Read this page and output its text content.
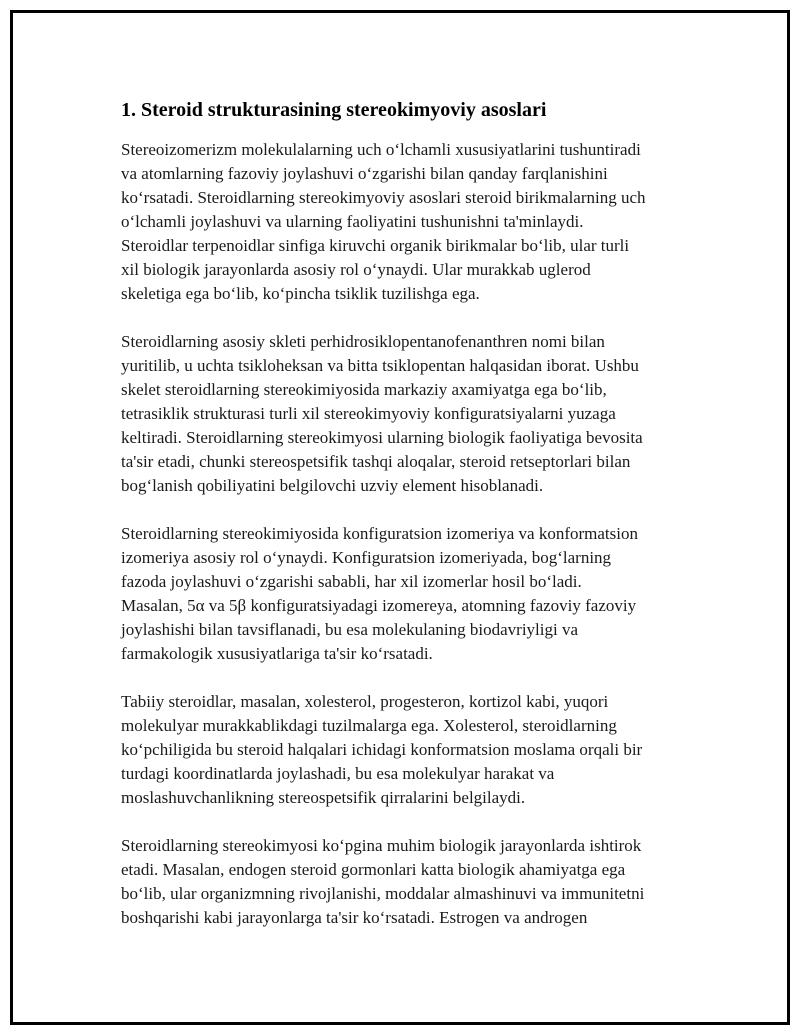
1. Steroid strukturasining stereokimyoviy asoslari

Stereoizomerizm molekulalarning uch oʻlchamli xususiyatlarini tushuntiradi
va atomlarning fazoviy joylashuvi oʻzgarishi bilan qanday farqlanishini
koʻrsatadi. Steroidlarning stereokimyoviy asoslari steroid birikmalarning uch
oʻlchamli joylashuvi va ularning faoliyatini tushunishni ta'minlaydi.
Steroidlar terpenoidlar sinfiga kiruvchi organik birikmalar boʻlib, ular turli
xil biologik jarayonlarda asosiy rol oʻynaydi. Ular murakkab uglerod
skeletiga ega boʻlib, koʻpincha tsiklik tuzilishga ega.

Steroidlarning asosiy skleti perhidrosiklopentanofenanthren nomi bilan
yuritilib, u uchta tsikloheksan va bitta tsiklopentan halqasidan iborat. Ushbu
skelet steroidlarning stereokimiyosida markaziy axamiyatga ega boʻlib,
tetrasiklik strukturasi turli xil stereokimyoviy konfiguratsiyalarni yuzaga
keltiradi. Steroidlarning stereokimyosi ularning biologik faoliyatiga bevosita
ta'sir etadi, chunki stereospetsifik tashqi aloqalar, steroid retseptorlari bilan
bogʻlanish qobiliyatini belgilovchi uzviy element hisoblanadi.

Steroidlarning stereokimiyosida konfiguratsion izomeriya va konformatsion
izomeriya asosiy rol oʻynaydi. Konfiguratsion izomeriyada, bogʻlarning
fazoda joylashuvi oʻzgarishi sababli, har xil izomerlar hosil boʻladi.
Masalan, 5α va 5β konfiguratsiyadagi izomereya, atomning fazoviy fazoviy
joylashishi bilan tavsiflanadi, bu esa molekulaning biodavriyligi va
farmakologik xususiyatlariga ta'sir koʻrsatadi.

Tabiiy steroidlar, masalan, xolesterol, progesteron, kortizol kabi, yuqori
molekulyar murakkablikdagi tuzilmalarga ega. Xolesterol, steroidlarning
koʻpchiligida bu steroid halqalari ichidagi konformatsion moslama orqali bir
turdagi koordinatlarda joylashadi, bu esa molekulyar harakat va
moslashuvchanlikning stereospetsifik qirralarini belgilaydi.

Steroidlarning stereokimyosi koʻpgina muhim biologik jarayonlarda ishtirok
etadi. Masalan, endogen steroid gormonlari katta biologik ahamiyatga ega
boʻlib, ular organizmning rivojlanishi, moddalar almashinuvi va immunitetni
boshqarishi kabi jarayonlarga ta'sir koʻrsatadi. Estrogen va androgen
